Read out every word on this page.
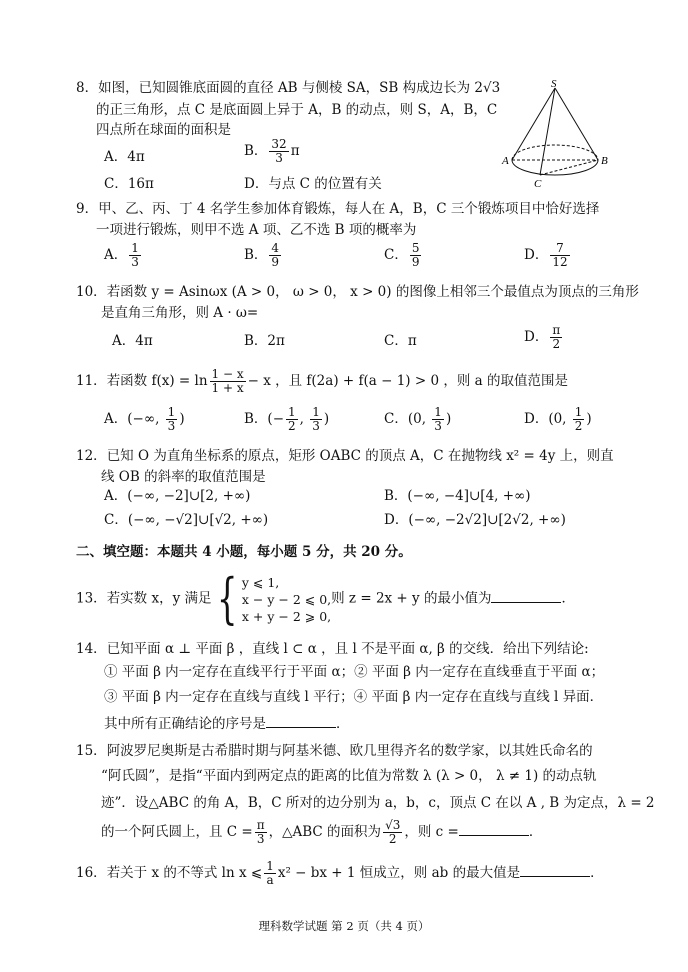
8．如图，已知圆锥底面圆的直径 AB 与侧棱 SA，SB 构成边长为 2√3
的正三角形，点 C 是底面圆上异于 A，B 的动点，则 S，A，B，C
四点所在球面的面积是
A．4π	B． $\frac{32}{3}$ π
C．16π	D．与点 C 的位置有关
S
A	B
C
9．甲、乙、丙、丁 4 名学生参加体育锻炼，每人在 A，B，C 三个锻炼项目中恰好选择
一项进行锻炼，则甲不选 A 项、乙不选 B 项的概率为
A． $\frac{1}{3}$	B． $\frac{4}{9}$	C． $\frac{5}{9}$	D． $\frac{7}{12}$
10．若函数 y = Asinωx (A > 0， ω > 0， x > 0) 的图像上相邻三个最值点为顶点的三角形
是直角三角形，则 A · ω=
A．4π	B．2π	C．π	D． $\frac{\pi}{2}$
11．若函数 $f(x) = \ln \frac{1 - x}{1 + x} - x$ ，且 f(2a) + f(a − 1) > 0 ，则 a 的取值范围是
A．(−∞, $\frac{1}{3}$ )	B．(− $\frac{1}{2}$ , $\frac{1}{3}$ )	C．(0, $\frac{1}{3}$ )	D．(0, $\frac{1}{2}$ )
12．已知 O 为直角坐标系的原点，矩形 OABC 的顶点 A，C 在抛物线 x² = 4y 上，则直
线 OB 的斜率的取值范围是
A．(−∞, −2]∪[2, +∞)	B．(−∞, −4]∪[4, +∞)
C．(−∞, −√2]∪[√2, +∞)	D．(−∞, −2√2]∪[2√2, +∞)
二、填空题：本题共 4 小题，每小题 5 分，共 20 分。
13．若实数 x，y 满足{ y ⩽ 1,
x − y − 2 ⩽ 0,
x + y − 2 ⩾ 0,
则 z = 2x + y 的最小值为	．
14．已知平面 α ⊥ 平面 β ，直线 l ⊂ α ，且 l 不是平面 α, β 的交线．给出下列结论:
① 平面 β 内一定存在直线平行于平面 α；② 平面 β 内一定存在直线垂直于平面 α；
③ 平面 β 内一定存在直线与直线 l 平行；④ 平面 β 内一定存在直线与直线 l 异面．
其中所有正确结论的序号是	．
15．阿波罗尼奥斯是古希腊时期与阿基米德、欧几里得齐名的数学家，以其姓氏命名的
“阿氏圆”，是指“平面内到两定点的距离的比值为常数 λ (λ > 0， λ ≠ 1) 的动点轨
迹”．设△ABC 的角 A，B，C 所对的边分别为 a，b，c，顶点 C 在以 A , B 为定点，λ = 2
的一个阿氏圆上，且 $C = \frac{\pi}{3}$ ，△ABC 的面积为 $\frac{√3}{2}$ ，则 c =	．
16．若关于 x 的不等式 ln x ⩽ $\frac{1}{a} x^2$ − bx + 1 恒成立，则 ab 的最大值是	．
理科数学试题 第 2 页（共 4 页）
